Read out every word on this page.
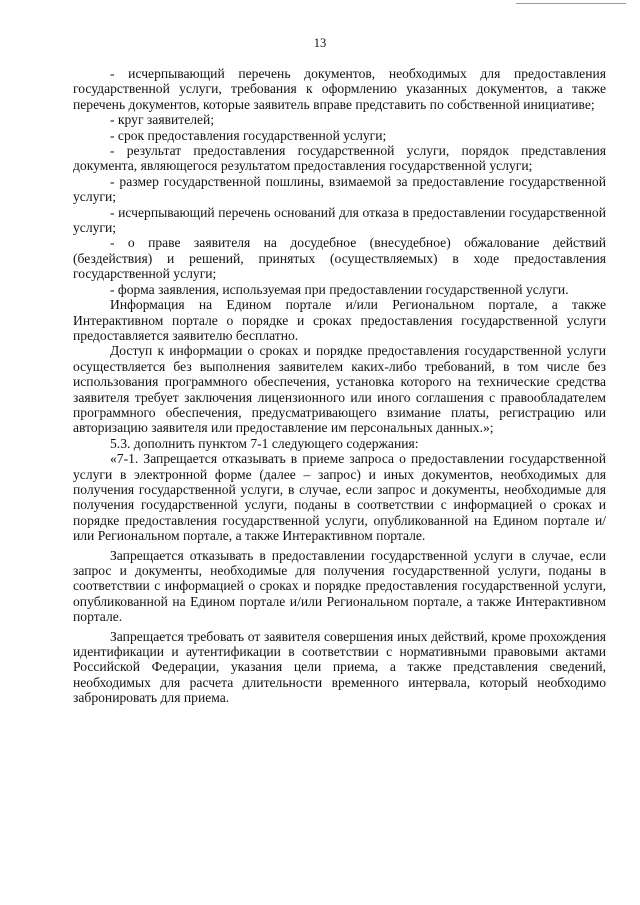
13

- исчерпывающий перечень документов, необходимых для предоставления государственной услуги, требования к оформлению указанных документов, а также перечень документов, которые заявитель вправе представить по собственной инициативе;

- круг заявителей;

- срок предоставления государственной услуги;

- результат предоставления государственной услуги, порядок представления документа, являющегося результатом предоставления государственной услуги;

- размер государственной пошлины, взимаемой за предоставление государственной услуги;

- исчерпывающий перечень оснований для отказа в предоставлении государственной услуги;

- о праве заявителя на досудебное (внесудебное) обжалование действий (бездействия) и решений, принятых (осуществляемых) в ходе предоставления государственной услуги;

- форма заявления, используемая при предоставлении государственной услуги.

Информация на Едином портале и/или Региональном портале, а также Интерактивном портале о порядке и сроках предоставления государственной услуги предоставляется заявителю бесплатно.

Доступ к информации о сроках и порядке предоставления государственной услуги осуществляется без выполнения заявителем каких-либо требований, в том числе без использования программного обеспечения, установка которого на технические средства заявителя требует заключения лицензионного или иного соглашения с правообладателем программного обеспечения, предусматривающего взимание платы, регистрацию или авторизацию заявителя или предоставление им персональных данных.»;

5.3. дополнить пунктом 7-1 следующего содержания:

«7-1. Запрещается отказывать в приеме запроса о предоставлении государственной услуги в электронной форме (далее – запрос) и иных документов, необходимых для получения государственной услуги, в случае, если запрос и документы, необходимые для получения государственной услуги, поданы в соответствии с информацией о сроках и порядке предоставления государственной услуги, опубликованной на Едином портале и/или Региональном портале, а также Интерактивном портале.

Запрещается отказывать в предоставлении государственной услуги в случае, если запрос и документы, необходимые для получения государственной услуги, поданы в соответствии с информацией о сроках и порядке предоставления государственной услуги, опубликованной на Едином портале и/или Региональном портале, а также Интерактивном портале.

Запрещается требовать от заявителя совершения иных действий, кроме прохождения идентификации и аутентификации в соответствии с нормативными правовыми актами Российской Федерации, указания цели приема, а также представления сведений, необходимых для расчета длительности временного интервала, который необходимо забронировать для приема.
